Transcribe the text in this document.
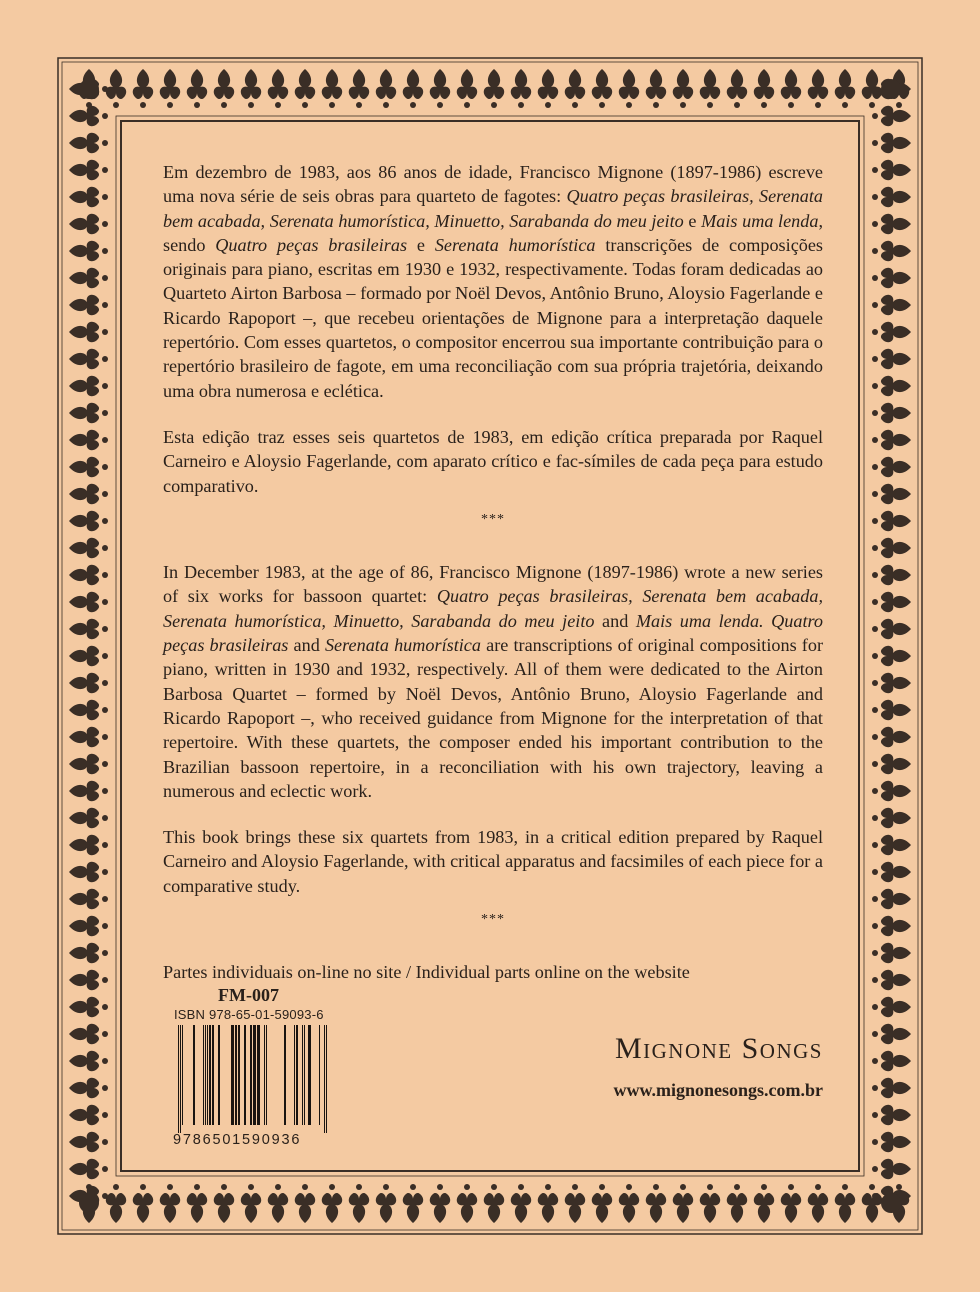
Em dezembro de 1983, aos 86 anos de idade, Francisco Mignone (1897-1986) escreve uma nova série de seis obras para quarteto de fagotes: Quatro peças brasileiras, Serenata bem acabada, Serenata humorística, Minuetto, Sarabanda do meu jeito e Mais uma lenda, sendo Quatro peças brasileiras e Serenata humorística transcrições de composições originais para piano, escritas em 1930 e 1932, respectivamente. Todas foram dedicadas ao Quarteto Airton Barbosa – formado por Noël Devos, Antônio Bruno, Aloysio Fagerlande e Ricardo Rapoport –, que recebeu orientações de Mignone para a interpretação daquele repertório. Com esses quartetos, o compositor encerrou sua importante contribuição para o repertório brasileiro de fagote, em uma reconciliação com sua própria trajetória, deixando uma obra numerosa e eclética.

Esta edição traz esses seis quartetos de 1983, em edição crítica preparada por Raquel Carneiro e Aloysio Fagerlande, com aparato crítico e fac-símiles de cada peça para estudo comparativo.

***

In December 1983, at the age of 86, Francisco Mignone (1897-1986) wrote a new series of six works for bassoon quartet: Quatro peças brasileiras, Serenata bem acabada, Serenata humorística, Minuetto, Sarabanda do meu jeito and Mais uma lenda. Quatro peças brasileiras and Serenata humorística are transcriptions of original compositions for piano, written in 1930 and 1932, respectively. All of them were dedicated to the Airton Barbosa Quartet – formed by Noël Devos, Antônio Bruno, Aloysio Fagerlande and Ricardo Rapoport –, who received guidance from Mignone for the interpretation of that repertoire. With these quartets, the composer ended his important contribution to the Brazilian bassoon repertoire, in a reconciliation with his own trajectory, leaving a numerous and eclectic work.

This book brings these six quartets from 1983, in a critical edition prepared by Raquel Carneiro and Aloysio Fagerlande, with critical apparatus and facsimiles of each piece for a comparative study.

***

Partes individuais on-line no site / Individual parts online on the website

FM-007
ISBN 978-65-01-59093-6
9786501590936
Mignone Songs
www.mignonesongs.com.br
